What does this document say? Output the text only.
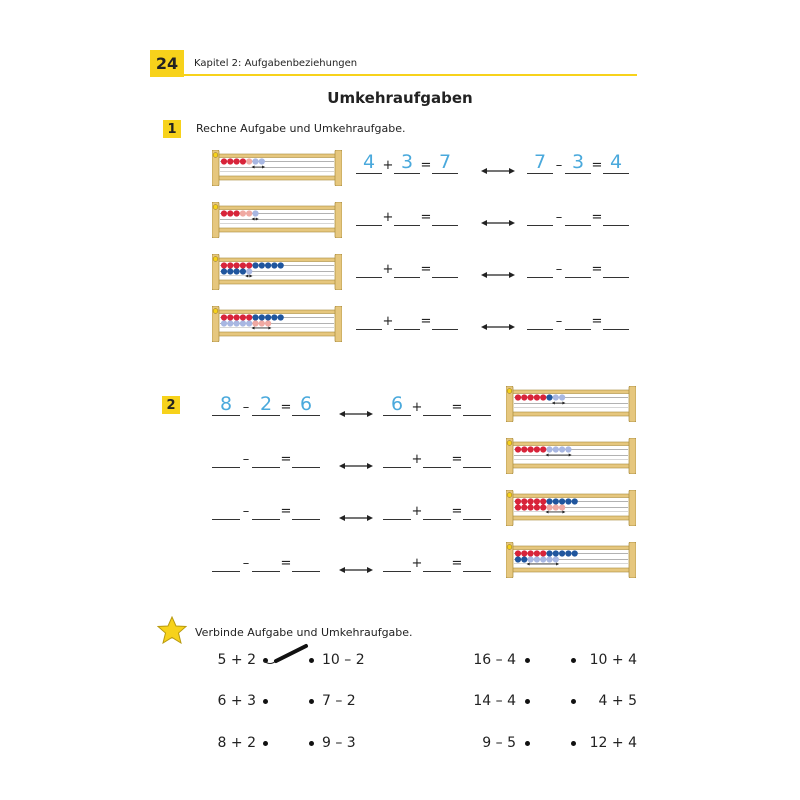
24	Kapitel 2: Aufgabenbeziehungen
Umkehraufgaben
1	Rechne Aufgabe und Umkehraufgabe.
4 + 3 = 7	7 – 3 = 4
+ =	– =
+ =	– =
+ =	– =
2	8 – 2 = 6	6 + =
– =	+ =
– =	+ =
– =	+ =
Verbinde Aufgabe und Umkehraufgabe.
5 + 2	10 – 2	16 – 4	10 + 4
6 + 3	7 – 2	14 – 4	4 + 5
8 + 2	9 – 3	9 – 5	12 + 4
